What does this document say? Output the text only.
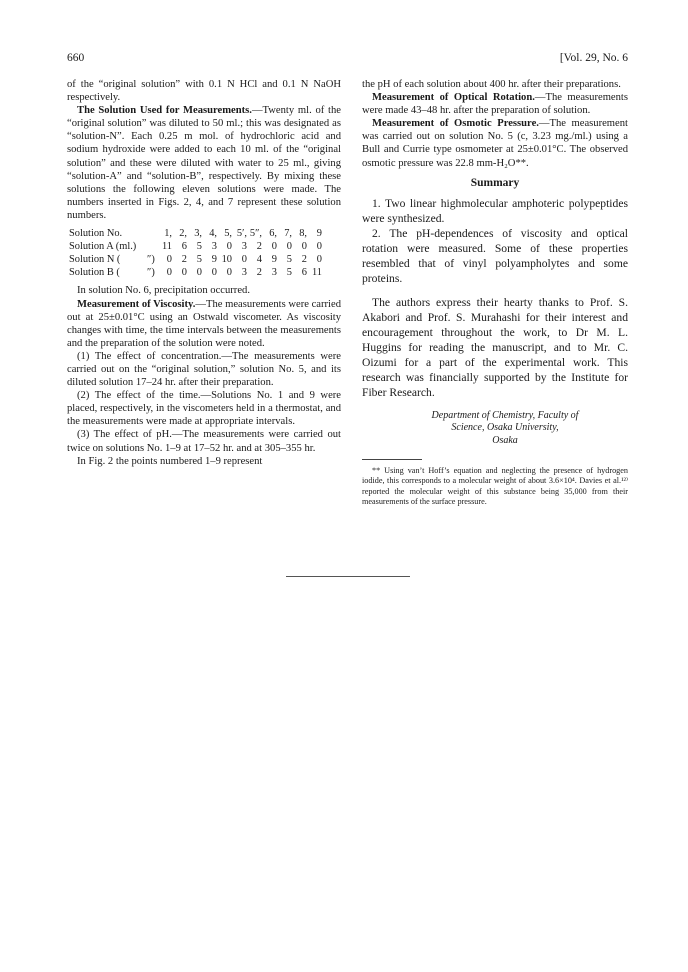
660	[Vol. 29, No. 6

of the “original solution” with 0.1 N HCl and 0.1 N NaOH respectively.

The Solution Used for Measurements.—Twenty ml. of the “original solution” was diluted to 50 ml.; this was designated as “solution-N”. Each 0.25 m mol. of hydrochloric acid and sodium hydroxide were added to each 10 ml. of the “original solution” and these were diluted with water to 25 ml., giving “solution-A” and “solution-B”, respectively. By mixing these solutions the following eleven solutions were made. The numbers inserted in Figs. 2, 4, and 7 represent these solution numbers.

Solution No.		1,	2,	3,	4,	5,	5′,	5″,	6,	7,	8,	9
Solution A (ml.)		11	6	5	3	0	3	2	0	0	0	0
Solution N (	″)	0	2	5	9	10	0	4	9	5	2	0
Solution B (	″)	0	0	0	0	0	3	2	3	5	6	11

In solution No. 6, precipitation occurred.

Measurement of Viscosity.—The measurements were carried out at 25±0.01°C using an Ostwald viscometer. As viscosity changes with time, the time intervals between the measurements and the preparation of the solution were noted.

(1) The effect of concentration.—The measurements were carried out on the “original solution,” solution No. 5, and its diluted solution 17–24 hr. after their preparation.

(2) The effect of the time.—Solutions No. 1 and 9 were placed, respectively, in the viscometers held in a thermostat, and the measurements were made at appropriate intervals.

(3) The effect of pH.—The measurements were carried out twice on solutions No. 1–9 at 17–52 hr. and at 305–355 hr.

In Fig. 2 the points numbered 1–9 represent

the pH of each solution about 400 hr. after their preparations.

Measurement of Optical Rotation.—The measurements were made 43–48 hr. after the preparation of solution.

Measurement of Osmotic Pressure.—The measurement was carried out on solution No. 5 (c, 3.23 mg./ml.) using a Bull and Currie type osmometer at 25±0.01°C. The observed osmotic pressure was 22.8 mm-H₂O**.

Summary

1. Two linear highmolecular amphoteric polypeptides were synthesized.

2. The pH-dependences of viscosity and optical rotation were measured. Some of these properties resembled that of vinyl polyampholytes and some proteins.

The authors express their hearty thanks to Prof. S. Akabori and Prof. S. Murahashi for their interest and encouragement throughout the work, to Dr M. L. Huggins for reading the manuscript, and to Mr. C. Oizumi for a part of the experimental work. This research was financially supported by the Institute for Fiber Research.

Department of Chemistry, Faculty of
Science, Osaka University,
Osaka

** Using van’t Hoff’s equation and neglecting the presence of hydrogen iodide, this corresponds to a molecular weight of about 3.6×10⁴. Davies et al.¹²⁾ reported the molecular weight of this substance being 35,000 from their measurements of the surface pressure.
